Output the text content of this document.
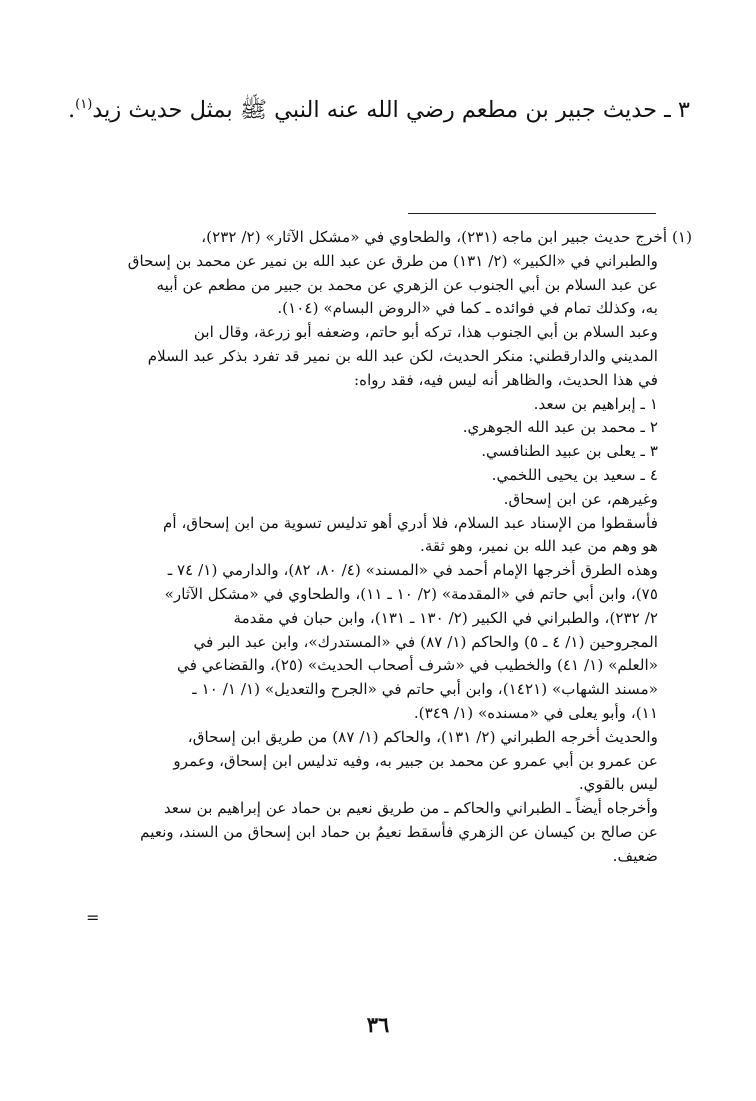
٣ ـ حديث جبير بن مطعم رضي الله عنه النبي ﷺ بمثل حديث زيد$^{(١)}$.
(١) أخرج حديث جبير ابن ماجه (٢٣١)، والطحاوي في «مشكل الآثار» (٢/ ٢٣٢)،
والطبراني في «الكبير» (٢/ ١٣١) من طرق عن عبد الله بن نمير عن محمد بن إسحاق
عن عبد السلام بن أبي الجنوب عن الزهري عن محمد بن جبير من مطعم عن أبيه
به، وكذلك تمام في فوائده ـ كما في «الروض البسام» (١٠٤).
وعبد السلام بن أبي الجنوب هذا، تركه أبو حاتم، وضعفه أبو زرعة، وقال ابن
المديني والدارقطني: منكر الحديث، لكن عبد الله بن نمير قد تفرد بذكر عبد السلام
في هذا الحديث، والظاهر أنه ليس فيه، فقد رواه:
١ ـ إبراهيم بن سعد.
٢ ـ محمد بن عبد الله الجوهري.
٣ ـ يعلى بن عبيد الطنافسي.
٤ ـ سعيد بن يحيى اللخمي.
وغيرهم، عن ابن إسحاق.
فأسقطوا من الإسناد عبد السلام، فلا أدري أهو تدليس تسوية من ابن إسحاق، أم
هو وهم من عبد الله بن نمير، وهو ثقة.
وهذه الطرق أخرجها الإمام أحمد في «المسند» (٤/ ٨٠، ٨٢)، والدارمي (١/ ٧٤ ـ
٧٥)، وابن أبي حاتم في «المقدمة» (٢/ ١٠ ـ ١١)، والطحاوي في «مشكل الآثار»
٢/ ٢٣٢)، والطبراني في الكبير (٢/ ١٣٠ ـ ١٣١)، وابن حبان في مقدمة
المجروحين (١/ ٤ ـ ٥) والحاكم (١/ ٨٧) في «المستدرك»، وابن عبد البر في
«العلم» (١/ ٤١) والخطيب في «شرف أصحاب الحديث» (٢٥)، والقضاعي في
«مسند الشهاب» (١٤٢١)، وابن أبي حاتم في «الجرح والتعديل» (١/ ١/ ١٠ ـ
١١)، وأبو يعلى في «مسنده» (١/ ٣٤٩).
والحديث أخرجه الطبراني (٢/ ١٣١)، والحاكم (١/ ٨٧) من طريق ابن إسحاق،
عن عمرو بن أبي عمرو عن محمد بن جبير به، وفيه تدليس ابن إسحاق، وعمرو
ليس بالقوي.
وأخرجاه أيضاً ـ الطبراني والحاكم ـ من طريق نعيم بن حماد عن إبراهيم بن سعد
عن صالح بن كيسان عن الزهري فأسقط نعيمُ بن حماد ابن إسحاق من السند، ونعيم
ضعيف.
=
٣٦
